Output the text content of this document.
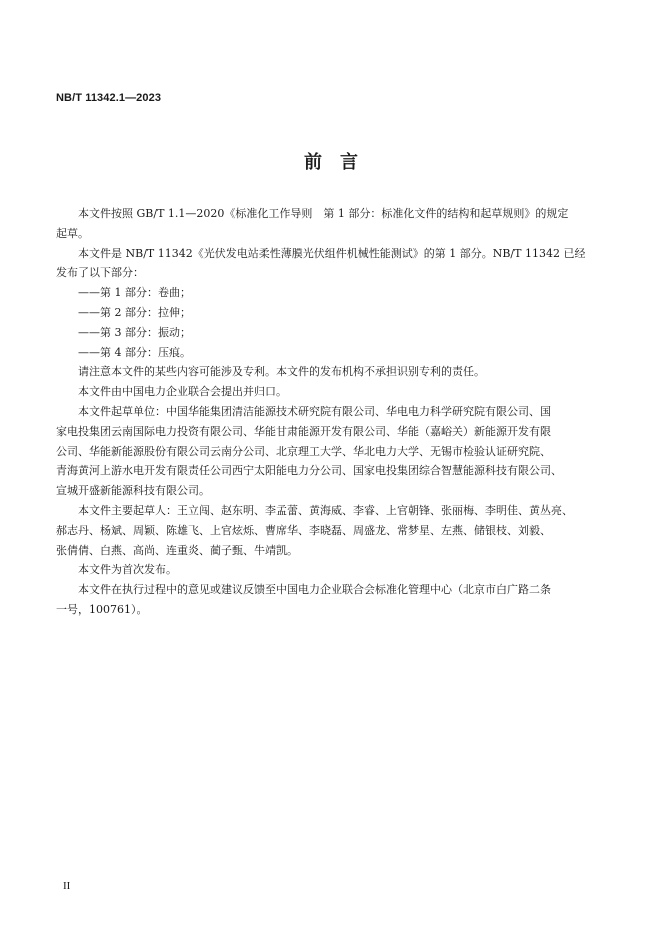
NB/T 11342.1—2023
前　言
本文件按照 GB/T 1.1—2020《标准化工作导则　第 1 部分：标准化文件的结构和起草规则》的规定
起草。
本文件是 NB/T 11342《光伏发电站柔性薄膜光伏组件机械性能测试》的第 1 部分。NB/T 11342 已经
发布了以下部分：
——第 1 部分：卷曲；
——第 2 部分：拉伸；
——第 3 部分：振动；
——第 4 部分：压痕。
请注意本文件的某些内容可能涉及专利。本文件的发布机构不承担识别专利的责任。
本文件由中国电力企业联合会提出并归口。
本文件起草单位：中国华能集团清洁能源技术研究院有限公司、华电电力科学研究院有限公司、国
家电投集团云南国际电力投资有限公司、华能甘肃能源开发有限公司、华能（嘉峪关）新能源开发有限
公司、华能新能源股份有限公司云南分公司、北京理工大学、华北电力大学、无锡市检验认证研究院、
青海黄河上游水电开发有限责任公司西宁太阳能电力分公司、国家电投集团综合智慧能源科技有限公司、
宣城开盛新能源科技有限公司。
本文件主要起草人：王立闯、赵东明、李孟蕾、黄海威、李睿、上官朝锋、张丽梅、李明佳、黄丛亮、
郝志丹、杨斌、周颖、陈雄飞、上官炫烁、曹席华、李晓磊、周盛龙、常梦星、左燕、储银枝、刘毅、
张倩倩、白燕、高尚、连重炎、蔺子甄、牛靖凯。
本文件为首次发布。
本文件在执行过程中的意见或建议反馈至中国电力企业联合会标准化管理中心（北京市白广路二条
一号，100761）。
II
